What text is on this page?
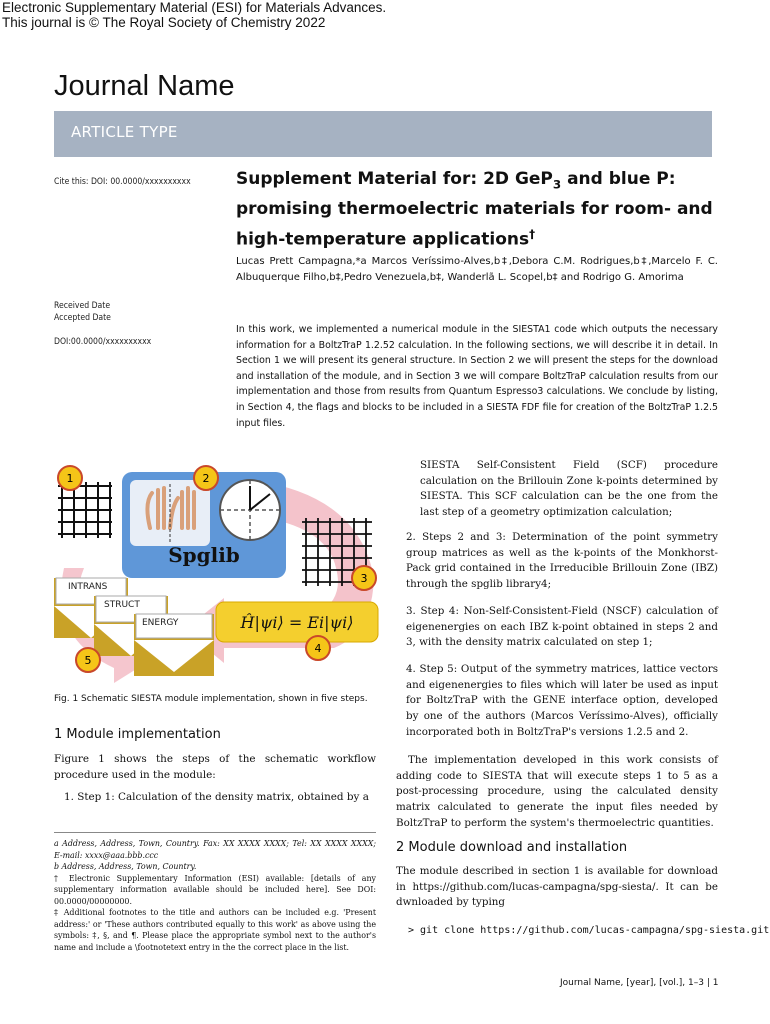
Electronic Supplementary Material (ESI) for Materials Advances.
This journal is © The Royal Society of Chemistry 2022
Journal Name
ARTICLE TYPE
Cite this: DOI: 00.0000/xxxxxxxxxx
Received Date
Accepted Date
DOI:00.0000/xxxxxxxxxx
Supplement Material for: 2D GeP$_3$ and blue P: promising thermoelectric materials for room- and high-temperature applications†
Lucas Prett Campagna,*a Marcos Veríssimo-Alves,b‡,Debora C.M. Rodrigues,b‡,Marcelo F. C. Albuquerque Filho,b‡,Pedro Venezuela,b‡, Wanderlã L. Scopel,b‡ and Rodrigo G. Amorima
In this work, we implemented a numerical module in the SIESTA1 code which outputs the necessary information for a BoltzTraP 1.2.52 calculation. In the following sections, we will describe it in detail. In Section 1 we will present its general structure. In Section 2 we will present the steps for the download and installation of the module, and in Section 3 we will compare BoltzTraP calculation results from our implementation and those from results from Quantum Espresso3 calculations. We conclude by listing, in Section 4, the flags and blocks to be included in a SIESTA FDF file for creation of the BoltzTraP 1.2.5 input files.
Spglib
INTRANS
STRUCT
ENERGY	Ĥ|ψi⟩ = Ei|ψi⟩
1	2
3
4
5
Fig. 1 Schematic SIESTA module implementation, shown in five steps.
1 Module implementation
Figure 1 shows the steps of the schematic workflow procedure used in the module:
1. Step 1: Calculation of the density matrix, obtained by a
a Address, Address, Town, Country. Fax: XX XXXX XXXX; Tel: XX XXXX XXXX; E-mail: xxxx@aaa.bbb.ccc
b Address, Address, Town, Country.
† Electronic Supplementary Information (ESI) available: [details of any supplementary information available should be included here]. See DOI: 00.0000/00000000.
‡ Additional footnotes to the title and authors can be included e.g. 'Present address:' or 'These authors contributed equally to this work' as above using the symbols: ‡, §, and ¶. Please place the appropriate symbol next to the author's name and include a \footnotetext entry in the the correct place in the list.
SIESTA Self-Consistent Field (SCF) procedure calculation on the Brillouin Zone k-points determined by SIESTA. This SCF calculation can be the one from the last step of a geometry optimization calculation;
2. Steps 2 and 3: Determination of the point symmetry group matrices as well as the k-points of the Monkhorst-Pack grid contained in the Irreducible Brillouin Zone (IBZ) through the spglib library4;
3. Step 4: Non-Self-Consistent-Field (NSCF) calculation of eigenenergies on each IBZ k-point obtained in steps 2 and 3, with the density matrix calculated on step 1;
4. Step 5: Output of the symmetry matrices, lattice vectors and eigenenergies to files which will later be used as input for BoltzTraP with the GENE interface option, developed by one of the authors (Marcos Veríssimo-Alves), officially incorporated both in BoltzTraP's versions 1.2.5 and 2.
The implementation developed in this work consists of adding code to SIESTA that will execute steps 1 to 5 as a post-processing procedure, using the calculated density matrix calculated to generate the input files needed by BoltzTraP to perform the system's thermoelectric quantities.
2 Module download and installation
The module described in section 1 is available for download in https://github.com/lucas-campagna/spg-siesta/. It can be dwnloaded by typing
> git clone https://github.com/lucas-campagna/spg-siesta.git
Journal Name, [year], [vol.], 1–3 | 1
